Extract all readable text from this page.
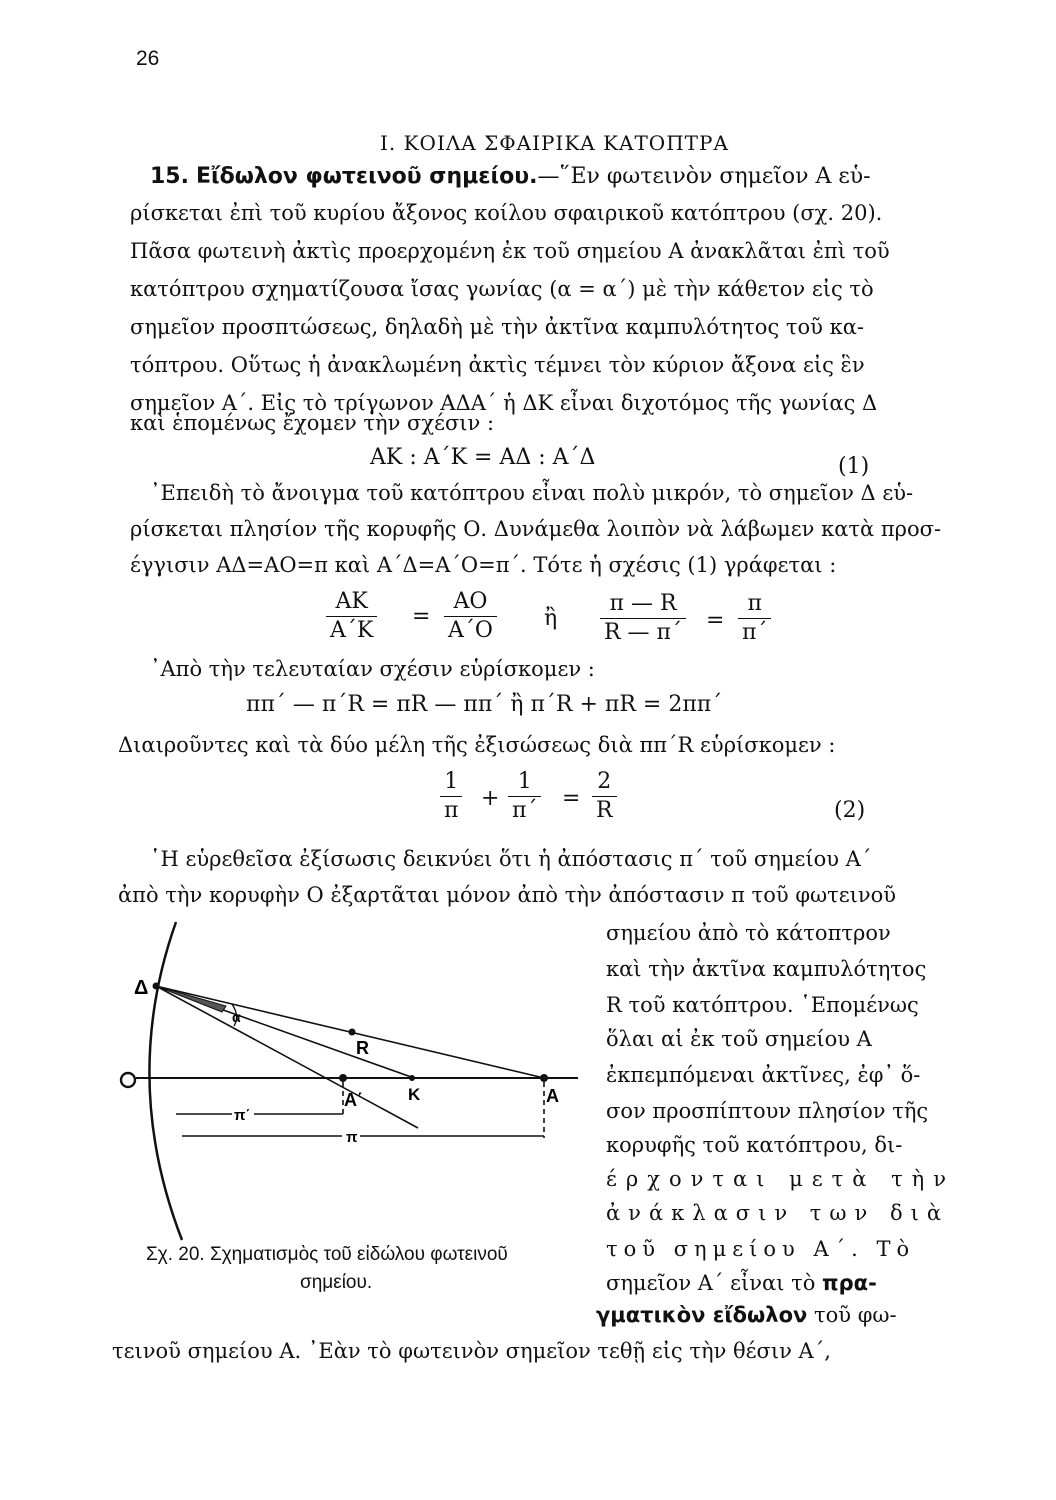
26
I. ΚΟΙΛΑ ΣΦΑΙΡΙΚΑ ΚΑΤΟΠΤΡΑ
15. Εἴδωλον φωτεινοῦ σημείου.—῞Εν φωτεινὸν σημεῖον Α εὑ-
ρίσκεται ἐπὶ τοῦ κυρίου ἄξονος κοίλου σφαιρικοῦ κατόπτρου (σχ. 20).
Πᾶσα φωτεινὴ ἀκτὶς προερχομένη ἐκ τοῦ σημείου Α ἀνακλᾶται ἐπὶ τοῦ
κατόπτρου σχηματίζουσα ἴσας γωνίας (α = α΄) μὲ τὴν κάθετον εἰς τὸ
σημεῖον προσπτώσεως, δηλαδὴ μὲ τὴν ἀκτῖνα καμπυλότητος τοῦ κα-
τόπτρου. Οὕτως ἡ ἀνακλωμένη ἀκτὶς τέμνει τὸν κύριον ἄξονα εἰς ἓν
σημεῖον Α΄. Εἰς τὸ τρίγωνον ΑΔΑ΄ ἡ ΔΚ εἶναι διχοτόμος τῆς γωνίας Δ
καὶ ἑπομένως ἔχομεν τὴν σχέσιν :
ΑΚ : Α΄Κ = ΑΔ : Α΄Δ	(1)
᾿Επειδὴ τὸ ἄνοιγμα τοῦ κατόπτρου εἶναι πολὺ μικρόν, τὸ σημεῖον Δ εὑ-
ρίσκεται πλησίον τῆς κορυφῆς Ο. Δυνάμεθα λοιπὸν νὰ λάβωμεν κατὰ προσ-
έγγισιν ΑΔ=ΑΟ=π καὶ Α΄Δ=Α΄Ο=π΄. Τότε ἡ σχέσις (1) γράφεται :
$\frac{AK}{A΄K} = \frac{AO}{A΄O}$ ἢ $\frac{\pi — R}{R — \pi΄} = \frac{\pi}{\pi΄}$
᾿Απὸ τὴν τελευταίαν σχέσιν εὑρίσκομεν :
ππ΄ — π΄R = πR — ππ΄ ἢ π΄R + πR = 2ππ΄
Διαιροῦντες καὶ τὰ δύο μέλη τῆς ἐξισώσεως διὰ ππ΄R εὑρίσκομεν :
$\frac{1}{\pi} + \frac{1}{\pi΄} = \frac{2}{R}$	(2)
῾Η εὑρεθεῖσα ἐξίσωσις δεικνύει ὅτι ἡ ἀπόστασις π΄ τοῦ σημείου Α΄
ἀπὸ τὴν κορυφὴν Ο ἐξαρτᾶται μόνον ἀπὸ τὴν ἀπόστασιν π τοῦ φωτεινοῦ
σημείου ἀπὸ τὸ κάτοπτρον
καὶ τὴν ἀκτῖνα καμπυλότητος
R τοῦ κατόπτρου. ῾Επομένως
ὅλαι αἱ ἐκ τοῦ σημείου Α
ἐκπεμπόμεναι ἀκτῖνες, ἐφ᾿ ὅ-
σον προσπίπτουν πλησίον τῆς
κορυφῆς τοῦ κατόπτρου, δι-
έρχονται μετὰ τὴν
ἀνάκλασιν των διὰ
τοῦ σημείου Α΄. Τὸ
σημεῖον Α΄ εἶναι τὸ πρα-
γματικὸν εἴδωλον τοῦ φω-
τεινοῦ σημείου Α. ᾿Εὰν τὸ φωτεινὸν σημεῖον τεθῇ εἰς τὴν θέσιν Α΄,
Δ
α
R
K
A΄	A
π΄
π
Σχ. 20. Σχηματισμὸς τοῦ εἰδώλου φωτεινοῦ
σημείου.
